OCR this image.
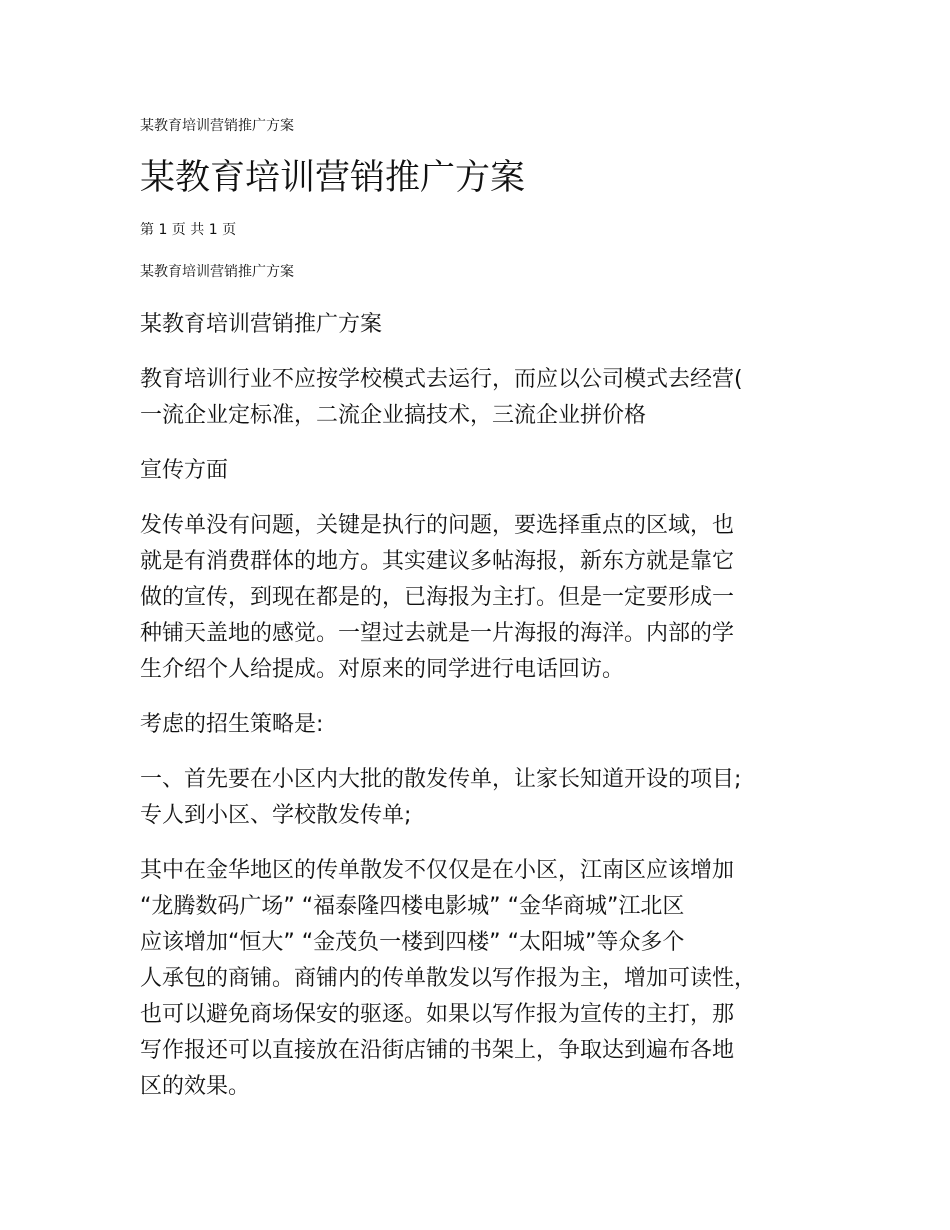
某教育培训营销推广方案
某教育培训营销推广方案
第 1 页 共 1 页
某教育培训营销推广方案

某教育培训营销推广方案

教育培训行业不应按学校模式去运行，而应以公司模式去经营(
一流企业定标准，二流企业搞技术，三流企业拼价格

宣传方面

发传单没有问题，关键是执行的问题，要选择重点的区域，也
就是有消费群体的地方。其实建议多帖海报，新东方就是靠它
做的宣传，到现在都是的，已海报为主打。但是一定要形成一
种铺天盖地的感觉。一望过去就是一片海报的海洋。内部的学
生介绍个人给提成。对原来的同学进行电话回访。

考虑的招生策略是:

一、首先要在小区内大批的散发传单，让家长知道开设的项目;
专人到小区、学校散发传单;

其中在金华地区的传单散发不仅仅是在小区，江南区应该增加
“龙腾数码广场” “福泰隆四楼电影城” “金华商城”江北区
应该增加“恒大” “金茂负一楼到四楼” “太阳城”等众多个
人承包的商铺。商铺内的传单散发以写作报为主，增加可读性，
也可以避免商场保安的驱逐。如果以写作报为宣传的主打，那
写作报还可以直接放在沿街店铺的书架上，争取达到遍布各地
区的效果。
